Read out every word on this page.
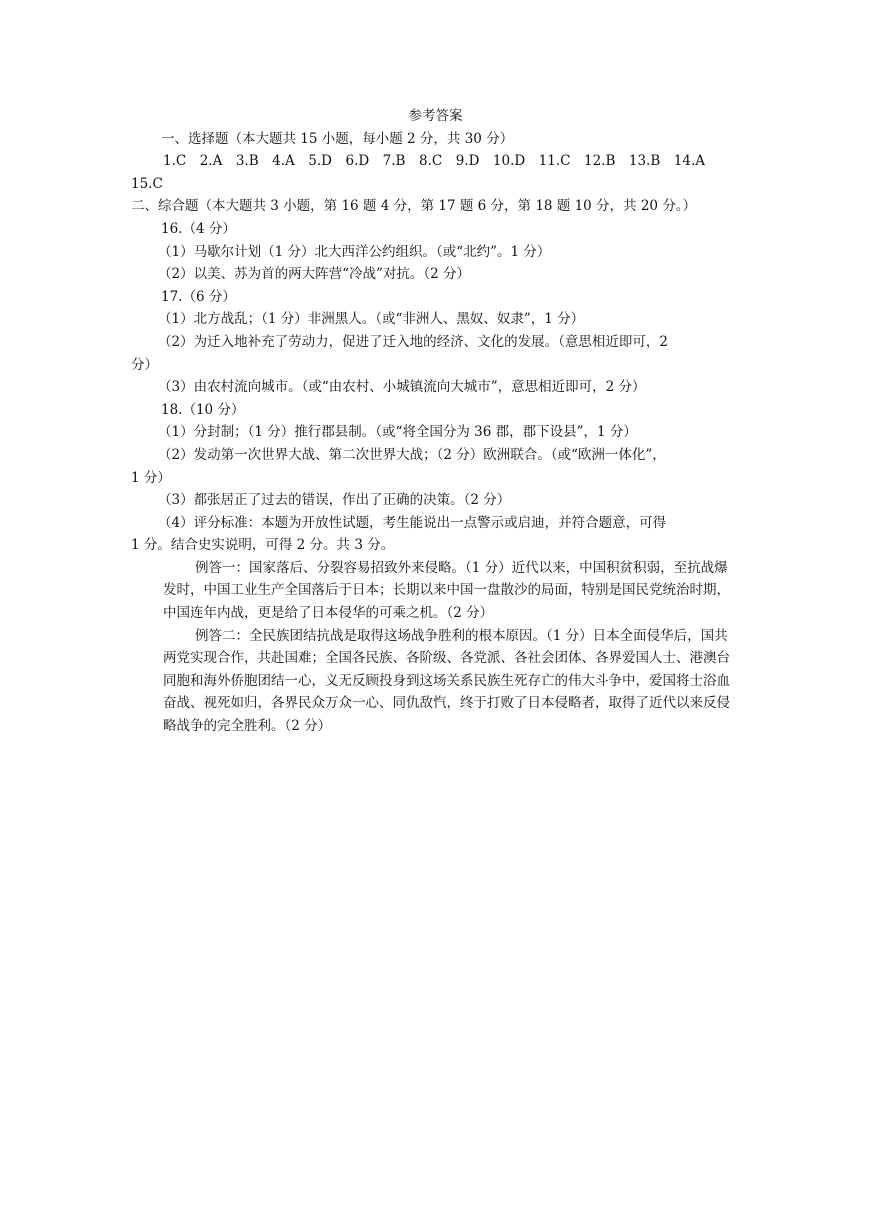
参考答案
一、选择题（本大题共 15 小题，每小题 2 分，共 30 分）
1.C　2.A　3.B　4.A　5.D　6.D　7.B　8.C　9.D　10.D　11.C　12.B　13.B　14.A
15.C
二、综合题（本大题共 3 小题，第 16 题 4 分，第 17 题 6 分，第 18 题 10 分，共 20 分。）
16.（4 分）
（1）马歇尔计划（1 分）北大西洋公约组织。（或“北约”。1 分）
（2）以美、苏为首的两大阵营“冷战”对抗。（2 分）
17.（6 分）
（1）北方战乱；（1 分）非洲黑人。（或“非洲人、黑奴、奴隶”，1 分）
（2）为迁入地补充了劳动力，促进了迁入地的经济、文化的发展。（意思相近即可，2
分）
（3）由农村流向城市。（或“由农村、小城镇流向大城市”，意思相近即可，2 分）
18.（10 分）
（1）分封制；（1 分）推行郡县制。（或“将全国分为 36 郡，郡下设县”，1 分）
（2）发动第一次世界大战、第二次世界大战；（2 分）欧洲联合。（或“欧洲一体化”，
1 分）
（3）都张居正了过去的错误，作出了正确的决策。（2 分）
（4）评分标准：本题为开放性试题，考生能说出一点警示或启迪，并符合题意，可得
1 分。结合史实说明，可得 2 分。共 3 分。
例答一：国家落后、分裂容易招致外来侵略。（1 分）近代以来，中国积贫积弱，至抗战爆发时，中国工业生产全国落后于日本；长期以来中国一盘散沙的局面，特别是国民党统治时期，中国连年内战，更是给了日本侵华的可乘之机。（2 分）
例答二：全民族团结抗战是取得这场战争胜利的根本原因。（1 分）日本全面侵华后，国共两党实现合作，共赴国难；全国各民族、各阶级、各党派、各社会团体、各界爱国人士、港澳台同胞和海外侨胞团结一心，义无反顾投身到这场关系民族生死存亡的伟大斗争中，爱国将士浴血奋战、视死如归，各界民众万众一心、同仇敌忾，终于打败了日本侵略者，取得了近代以来反侵略战争的完全胜利。（2 分）
